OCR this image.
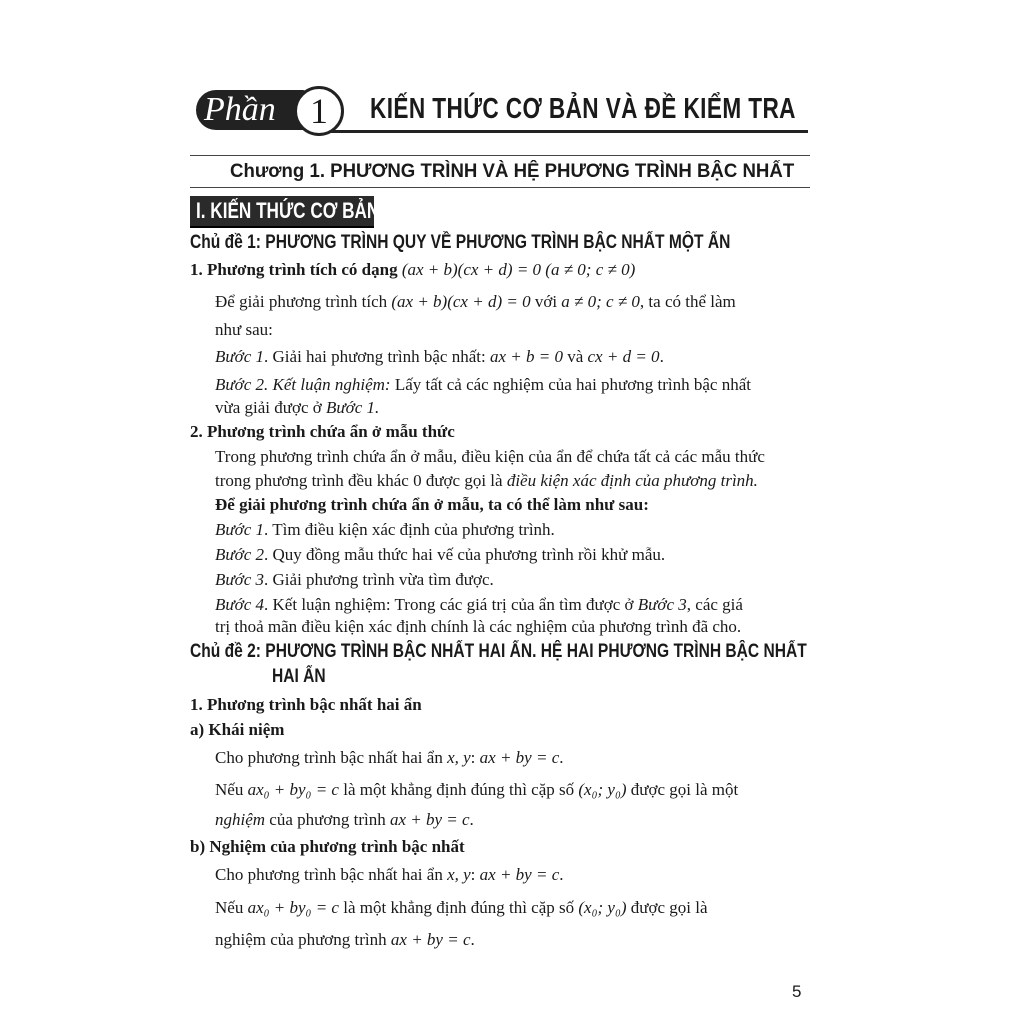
Phần 1	KIẾN THỨC CƠ BẢN VÀ ĐỀ KIỂM TRA
Chương 1. PHƯƠNG TRÌNH VÀ HỆ PHƯƠNG TRÌNH BẬC NHẤT
I. KIẾN THỨC CƠ BẢN
Chủ đề 1: PHƯƠNG TRÌNH QUY VỀ PHƯƠNG TRÌNH BẬC NHẤT MỘT ẨN
Chủ đề 2: PHƯƠNG TRÌNH BẬC NHẤT HAI ẨN. HỆ HAI PHƯƠNG TRÌNH BẬC NHẤT
HAI ẨN
1. Phương trình tích có dạng (ax + b)(cx + d) = 0 (a ≠ 0; c ≠ 0)
Để giải phương trình tích (ax + b)(cx + d) = 0 với a ≠ 0; c ≠ 0, ta có thể làm
như sau:
Bước 1. Giải hai phương trình bậc nhất: ax + b = 0 và cx + d = 0.
Bước 2. Kết luận nghiệm: Lấy tất cả các nghiệm của hai phương trình bậc nhất
vừa giải được ở Bước 1.
2. Phương trình chứa ẩn ở mẫu thức
Trong phương trình chứa ẩn ở mẫu, điều kiện của ẩn để chứa tất cả các mẫu thức
trong phương trình đều khác 0 được gọi là điều kiện xác định của phương trình.
Để giải phương trình chứa ẩn ở mẫu, ta có thể làm như sau:
Bước 1. Tìm điều kiện xác định của phương trình.
Bước 2. Quy đồng mẫu thức hai vế của phương trình rồi khử mẫu.
Bước 3. Giải phương trình vừa tìm được.
Bước 4. Kết luận nghiệm: Trong các giá trị của ẩn tìm được ở Bước 3, các giá
trị thoả mãn điều kiện xác định chính là các nghiệm của phương trình đã cho.
1. Phương trình bậc nhất hai ẩn
a) Khái niệm
Cho phương trình bậc nhất hai ẩn x, y: ax + by = c.
Nếu ax₀ + by₀ = c là một khẳng định đúng thì cặp số (x₀; y₀) được gọi là một
nghiệm của phương trình ax + by = c.
b) Nghiệm của phương trình bậc nhất
Cho phương trình bậc nhất hai ẩn x, y: ax + by = c.
Nếu ax₀ + by₀ = c là một khẳng định đúng thì cặp số (x₀; y₀) được gọi là
nghiệm của phương trình ax + by = c.
5
